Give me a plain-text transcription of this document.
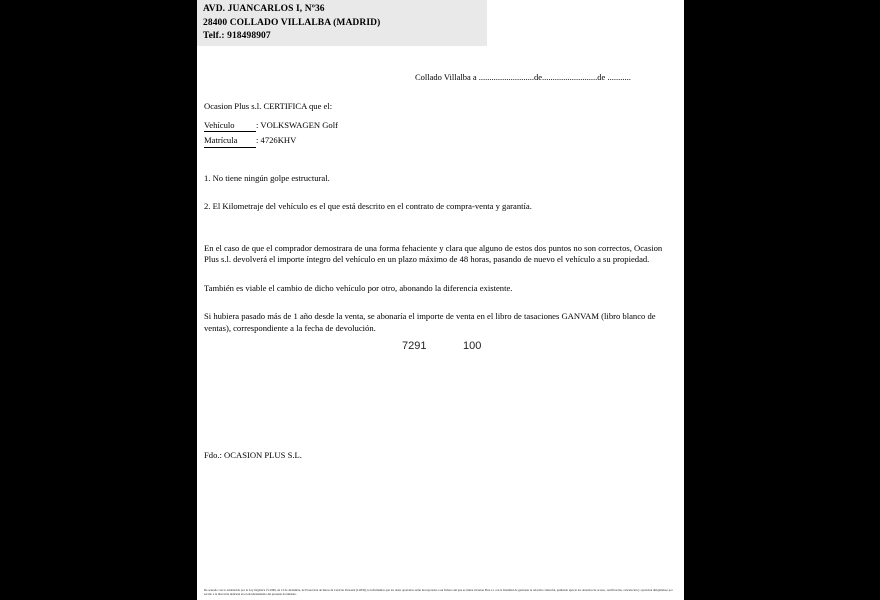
AVD. JUANCARLOS I, Nº36
28400 COLLADO VILLALBA (MADRID)
Telf.: 918498907
Collado Villalba a ..........................de..........................de ...........
Ocasion Plus s.l. CERTIFICA que el:
Vehículo : VOLKSWAGEN Golf
Matrícula : 4726KHV
1. No tiene ningún golpe estructural.
2. El Kilometraje del vehículo es el que está descrito en el contrato de compra-venta y garantía.
En el caso de que el comprador demostrara de una forma fehaciente y clara que alguno de estos dos puntos no son correctos, Ocasion Plus s.l. devolverá el importe íntegro del vehículo en un plazo máximo de 48 horas, pasando de nuevo el vehículo a su propiedad.
También es viable el cambio de dicho vehículo por otro, abonando la diferencia existente.
Si hubiera pasado más de 1 año desde la venta, se abonaría el importe de venta en el libro de tasaciones GANVAM (libro blanco de ventas), correspondiente a la fecha de devolución.
7291	100
Fdo.: OCASION PLUS S.L.
De acuerdo con lo establecido por la Ley Orgánica 15/1999, de 13 de diciembre, de Protección de Datos de Carácter Personal (LOPD), le informamos que los datos aportados serán incorporados a un fichero del que es titular Ocasion Plus s.l. con la finalidad de gestionar la relación comercial, pudiendo ejercer los derechos de acceso, rectificación, cancelación y oposición dirigiéndose por escrito a la dirección indicada en el encabezamiento del presente documento.
